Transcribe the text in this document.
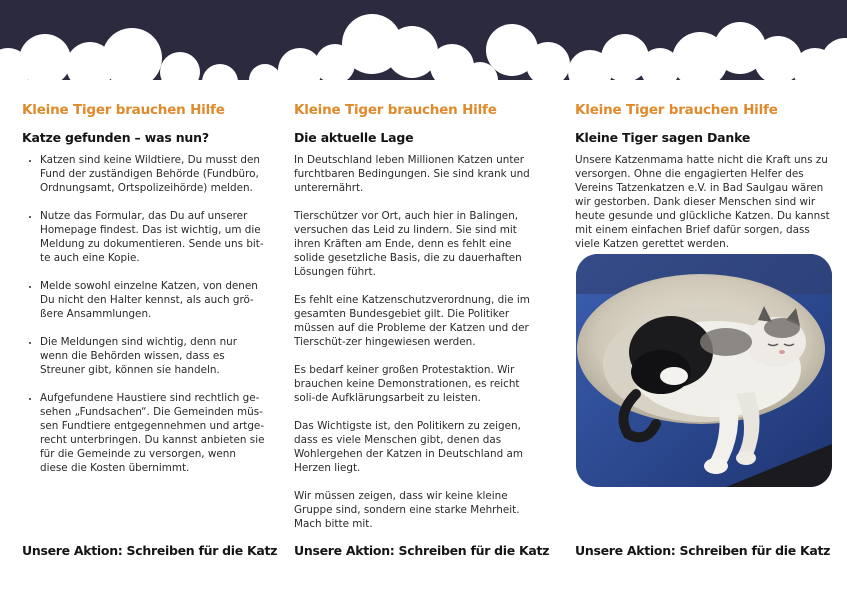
Kleine Tiger brauchen Hilfe
Katze gefunden – was nun?
• Katzen sind keine Wildtiere, Du musst den Fund der zuständigen Behörde (Fundbüro, Ordnungsamt, Ortspolizeihörde) melden.
• Nutze das Formular, das Du auf unserer Homepage findest. Das ist wichtig, um die Meldung zu dokumentieren. Sende uns bit-te auch eine Kopie.
• Melde sowohl einzelne Katzen, von denen Du nicht den Halter kennst, als auch grö-ßere Ansammlungen.
• Die Meldungen sind wichtig, denn nur wenn die Behörden wissen, dass es Streuner gibt, können sie handeln.
• Aufgefundene Haustiere sind rechtlich ge-sehen „Fundsachen“. Die Gemeinden müs-sen Fundtiere entgegennehmen und artge-recht unterbringen. Du kannst anbieten sie für die Gemeinde zu versorgen, wenn diese die Kosten übernimmt.
Kleine Tiger brauchen Hilfe
Die aktuelle Lage

In Deutschland leben Millionen Katzen unter furchtbaren Bedingungen. Sie sind krank und unterernährt.

Tierschützer vor Ort, auch hier in Balingen, versuchen das Leid zu lindern. Sie sind mit ihren Kräften am Ende, denn es fehlt eine solide gesetzliche Basis, die zu dauerhaften Lösungen führt.

Es fehlt eine Katzenschutzverordnung, die im gesamten Bundesgebiet gilt. Die Politiker müssen auf die Probleme der Katzen und der Tierschüt-zer hingewiesen werden.

Es bedarf keiner großen Protestaktion. Wir brauchen keine Demonstrationen, es reicht soli-de Aufklärungsarbeit zu leisten.

Das Wichtigste ist, den Politikern zu zeigen, dass es viele Menschen gibt, denen das Wohlergehen der Katzen in Deutschland am Herzen liegt.

Wir müssen zeigen, dass wir keine kleine Gruppe sind, sondern eine starke Mehrheit. Mach bitte mit.

Kleine Tiger brauchen Hilfe
Kleine Tiger sagen Danke

Unsere Katzenmama hatte nicht die Kraft uns zu versorgen. Ohne die engagierten Helfer des Vereins Tatzenkatzen e.V. in Bad Saulgau wären wir gestorben. Dank dieser Menschen sind wir heute gesunde und glückliche Katzen. Du kannst mit einem einfachen Brief dafür sorgen, dass viele Katzen gerettet werden.

Unsere Aktion: Schreiben für die Katz Unsere Aktion: Schreiben für die Katz Unsere Aktion: Schreiben für die Katz
